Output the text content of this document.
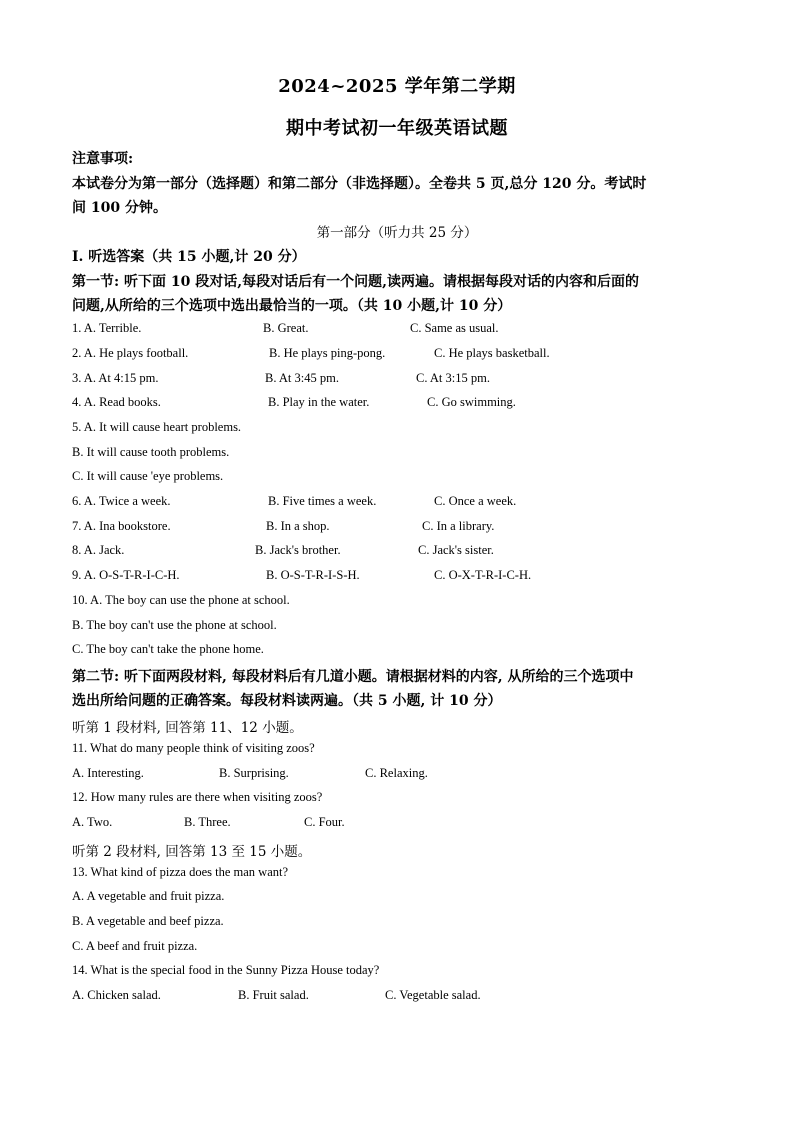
2024~2025 学年第二学期
期中考试初一年级英语试题
注意事项:
本试卷分为第一部分（选择题）和第二部分（非选择题）。全卷共 5 页,总分 120 分。考试时
间 100 分钟。
第一部分（听力共 25 分）
I. 听选答案（共 15 小题,计 20 分）
第一节: 听下面 10 段对话,每段对话后有一个问题,读两遍。请根据每段对话的内容和后面的
问题,从所给的三个选项中选出最恰当的一项。（共 10 小题,计 10 分）
1. A. Terrible.	B. Great.	C. Same as usual.
2. A. He plays football.	B. He plays ping-pong.	C. He plays basketball.
3. A. At 4:15 pm.	B. At 3:45 pm.	C. At 3:15 pm.
4. A. Read books.	B. Play in the water.	C. Go swimming.
5. A. It will cause heart problems.
B. It will cause tooth problems.
C. It will cause 'eye problems.
6. A. Twice a week.	B. Five times a week.	C. Once a week.
7. A. Ina bookstore.	B. In a shop.	C. In a library.
8. A. Jack.	B. Jack's brother.	C. Jack's sister.
9. A. O-S-T-R-I-C-H.	B. O-S-T-R-I-S-H.	C. O-X-T-R-I-C-H.
10. A. The boy can use the phone at school.
B. The boy can't use the phone at school.
C. The boy can't take the phone home.
第二节: 听下面两段材料, 每段材料后有几道小题。请根据材料的内容, 从所给的三个选项中
选出所给问题的正确答案。每段材料读两遍。（共 5 小题, 计 10 分）
听第 1 段材料, 回答第 11、12 小题。
11. What do many people think of visiting zoos?
A. Interesting.	B. Surprising.	C. Relaxing.
12. How many rules are there when visiting zoos?
A. Two.	B. Three.	C. Four.
听第 2 段材料, 回答第 13 至 15 小题。
13. What kind of pizza does the man want?
A. A vegetable and fruit pizza.
B. A vegetable and beef pizza.
C. A beef and fruit pizza.
14. What is the special food in the Sunny Pizza House today?
A. Chicken salad.	B. Fruit salad.	C. Vegetable salad.
